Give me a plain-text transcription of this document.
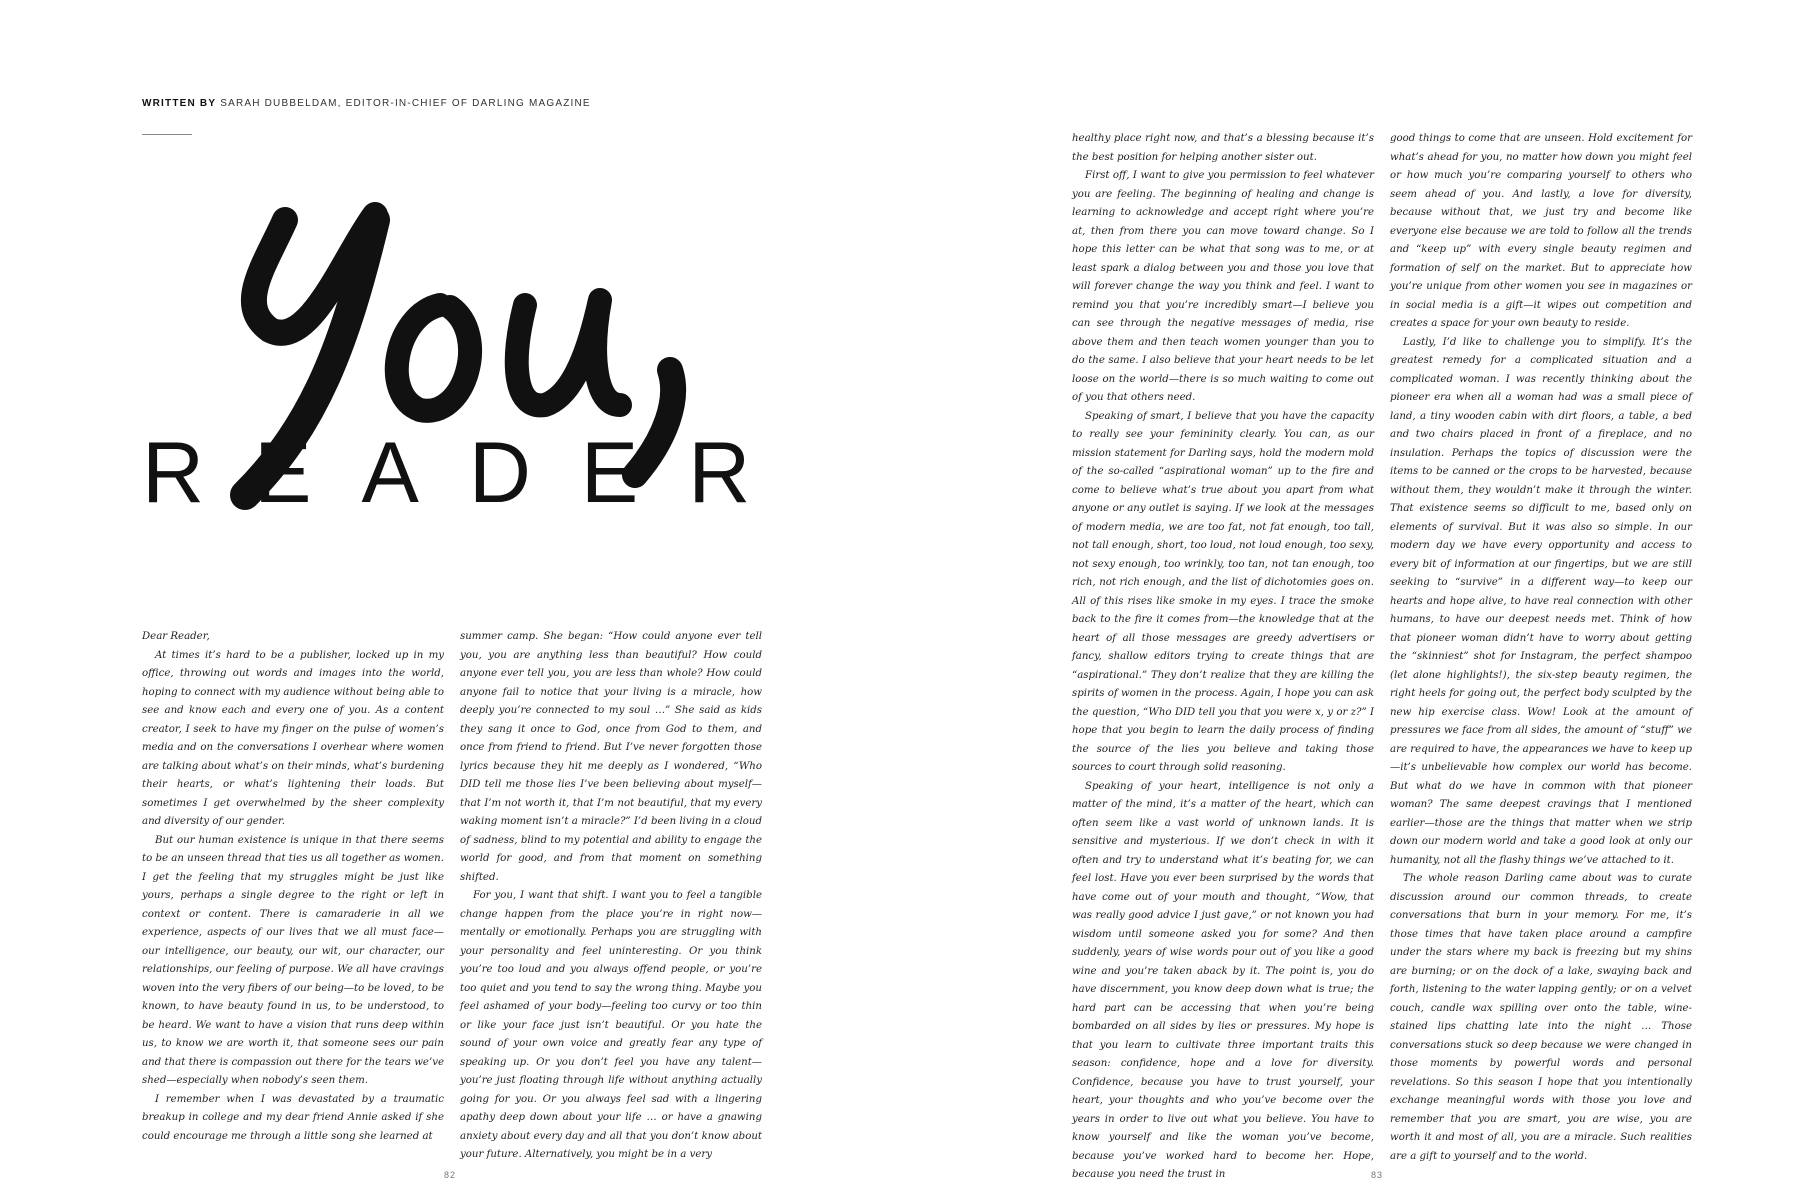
WRITTEN BY SARAH DUBBELDAM, EDITOR-IN-CHIEF OF DARLING MAGAZINE
READER

Dear Reader,

At times it’s hard to be a publisher, locked up in my office, throwing out words and images into the world, hoping to connect with my audience without being able to see and know each and every one of you. As a content creator, I seek to have my finger on the pulse of women’s media and on the conversations I overhear where women are talking about what’s on their minds, what’s burdening their hearts, or what’s lightening their loads. But sometimes I get overwhelmed by the sheer complexity and diversity of our gender.

But our human existence is unique in that there seems to be an unseen thread that ties us all together as women. I get the feeling that my struggles might be just like yours, perhaps a single degree to the right or left in context or content. There is camaraderie in all we experience, aspects of our lives that we all must face—our intelligence, our beauty, our wit, our character, our relationships, our feeling of purpose. We all have cravings woven into the very fibers of our being—to be loved, to be known, to have beauty found in us, to be understood, to be heard. We want to have a vision that runs deep within us, to know we are worth it, that someone sees our pain and that there is compassion out there for the tears we’ve shed—especially when nobody’s seen them.

I remember when I was devastated by a traumatic breakup in college and my dear friend Annie asked if she could encourage me through a little song she learned at

summer camp. She began: “How could anyone ever tell you, you are anything less than beautiful? How could anyone ever tell you, you are less than whole? How could anyone fail to notice that your living is a miracle, how deeply you’re connected to my soul …” She said as kids they sang it once to God, once from God to them, and once from friend to friend. But I’ve never forgotten those lyrics because they hit me deeply as I wondered, “Who DID tell me those lies I’ve been believing about myself—that I’m not worth it, that I’m not beautiful, that my every waking moment isn’t a miracle?” I’d been living in a cloud of sadness, blind to my potential and ability to engage the world for good, and from that moment on something shifted.

For you, I want that shift. I want you to feel a tangible change happen from the place you’re in right now—mentally or emotionally. Perhaps you are struggling with your personality and feel uninteresting. Or you think you’re too loud and you always offend people, or you’re too quiet and you tend to say the wrong thing. Maybe you feel ashamed of your body—feeling too curvy or too thin or like your face just isn’t beautiful. Or you hate the sound of your own voice and greatly fear any type of speaking up. Or you don’t feel you have any talent—you’re just floating through life without anything actually going for you. Or you always feel sad with a lingering apathy deep down about your life … or have a gnawing anxiety about every day and all that you don’t know about your future. Alternatively, you might be in a very

82

healthy place right now, and that’s a blessing because it’s the best position for helping another sister out.

First off, I want to give you permission to feel whatever you are feeling. The beginning of healing and change is learning to acknowledge and accept right where you’re at, then from there you can move toward change. So I hope this letter can be what that song was to me, or at least spark a dialog between you and those you love that will forever change the way you think and feel. I want to remind you that you’re incredibly smart—I believe you can see through the negative messages of media, rise above them and then teach women younger than you to do the same. I also believe that your heart needs to be let loose on the world—there is so much waiting to come out of you that others need.

Speaking of smart, I believe that you have the capacity to really see your femininity clearly. You can, as our mission statement for Darling says, hold the modern mold of the so-called “aspirational woman” up to the fire and come to believe what’s true about you apart from what anyone or any outlet is saying. If we look at the messages of modern media, we are too fat, not fat enough, too tall, not tall enough, short, too loud, not loud enough, too sexy, not sexy enough, too wrinkly, too tan, not tan enough, too rich, not rich enough, and the list of dichotomies goes on. All of this rises like smoke in my eyes. I trace the smoke back to the fire it comes from—the knowledge that at the heart of all those messages are greedy advertisers or fancy, shallow editors trying to create things that are “aspirational.” They don’t realize that they are killing the spirits of women in the process. Again, I hope you can ask the question, “Who DID tell you that you were x, y or z?” I hope that you begin to learn the daily process of finding the source of the lies you believe and taking those sources to court through solid reasoning.

Speaking of your heart, intelligence is not only a matter of the mind, it’s a matter of the heart, which can often seem like a vast world of unknown lands. It is sensitive and mysterious. If we don’t check in with it often and try to understand what it’s beating for, we can feel lost. Have you ever been surprised by the words that have come out of your mouth and thought, “Wow, that was really good advice I just gave,” or not known you had wisdom until someone asked you for some? And then suddenly, years of wise words pour out of you like a good wine and you’re taken aback by it. The point is, you do have discernment, you know deep down what is true; the hard part can be accessing that when you’re being bombarded on all sides by lies or pressures. My hope is that you learn to cultivate three important traits this season: confidence, hope and a love for diversity. Confidence, because you have to trust yourself, your heart, your thoughts and who you’ve become over the years in order to live out what you believe. You have to know yourself and like the woman you’ve become, because you’ve worked hard to become her. Hope, because you need the trust in

good things to come that are unseen. Hold excitement for what’s ahead for you, no matter how down you might feel or how much you’re comparing yourself to others who seem ahead of you. And lastly, a love for diversity, because without that, we just try and become like everyone else because we are told to follow all the trends and “keep up” with every single beauty regimen and formation of self on the market. But to appreciate how you’re unique from other women you see in magazines or in social media is a gift—it wipes out competition and creates a space for your own beauty to reside.

Lastly, I’d like to challenge you to simplify. It’s the greatest remedy for a complicated situation and a complicated woman. I was recently thinking about the pioneer era when all a woman had was a small piece of land, a tiny wooden cabin with dirt floors, a table, a bed and two chairs placed in front of a fireplace, and no insulation. Perhaps the topics of discussion were the items to be canned or the crops to be harvested, because without them, they wouldn’t make it through the winter. That existence seems so difficult to me, based only on elements of survival. But it was also so simple. In our modern day we have every opportunity and access to every bit of information at our fingertips, but we are still seeking to “survive” in a different way—to keep our hearts and hope alive, to have real connection with other humans, to have our deepest needs met. Think of how that pioneer woman didn’t have to worry about getting the “skinniest” shot for Instagram, the perfect shampoo (let alone highlights!), the six-step beauty regimen, the right heels for going out, the perfect body sculpted by the new hip exercise class. Wow! Look at the amount of pressures we face from all sides, the amount of “stuff” we are required to have, the appearances we have to keep up—it’s unbelievable how complex our world has become. But what do we have in common with that pioneer woman? The same deepest cravings that I mentioned earlier—those are the things that matter when we strip down our modern world and take a good look at only our humanity, not all the flashy things we’ve attached to it.

The whole reason Darling came about was to curate discussion around our common threads, to create conversations that burn in your memory. For me, it’s those times that have taken place around a campfire under the stars where my back is freezing but my shins are burning; or on the dock of a lake, swaying back and forth, listening to the water lapping gently; or on a velvet couch, candle wax spilling over onto the table, wine-stained lips chatting late into the night … Those conversations stuck so deep because we were changed in those moments by powerful words and personal revelations. So this season I hope that you intentionally exchange meaningful words with those you love and remember that you are smart, you are wise, you are worth it and most of all, you are a miracle. Such realities are a gift to yourself and to the world.

83
